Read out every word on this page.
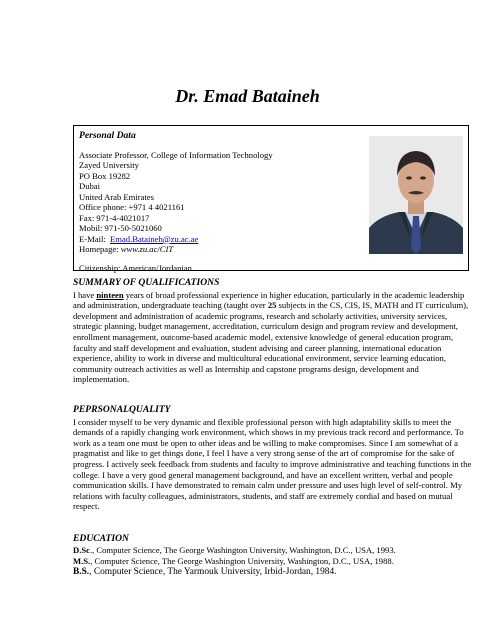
Dr. Emad Bataineh
Personal Data
Associate Professor, College of Information Technology
Zayed University
PO Box 19282
Dubai
United Arab Emirates
Office phone: +971 4 4021161
Fax: 971-4-4021017
Mobil: 971-50-5021060
E-Mail: Emad.Bataineh@zu.ac.ae
Homepage: www.zu.ac/CIT
Citizenship: American/Jordanian
SUMMARY OF QUALIFICATIONS
I have ninteen years of broad professional experience in higher education, particularly in the academic leadership and administration, undergraduate teaching (taught over 25 subjects in the CS, CIS, IS, MATH and IT curriculum), development and administration of academic programs, research and scholarly activities, university services, strategic planning, budget management, accreditation, curriculum design and program review and development, enrollment management, outcome-based academic model, extensive knowledge of general education program, faculty and staff development and evaluation, student advising and career planning, international education experience, ability to work in diverse and multicultural educational environment, service learning education, community outreach activities as well as Internship and capstone programs design, development and implementation.
PEPRSONALQUALITY
I consider myself to be very dynamic and flexible professional person with high adaptability skills to meet the demands of a rapidly changing work environment, which shows in my previous track record and performance. To work as a team one must be open to other ideas and be willing to make compromises. Since I am somewhat of a pragmatist and like to get things done, I feel I have a very strong sense of the art of compromise for the sake of progress. I actively seek feedback from students and faculty to improve administrative and teaching functions in the college. I have a very good general management background, and have an excellent written, verbal and people communication skills. I have demonstrated to remain calm under pressure and uses high level of self-control. My relations with faculty colleagues, administrators, students, and staff are extremely cordial and based on mutual respect.
EDUCATION
D.Sc., Computer Science, The George Washington University, Washington, D.C., USA, 1993.
M.S., Computer Science, The George Washington University, Washington, D.C., USA, 1988.
B.S., Computer Science, The Yarmouk University, Irbid-Jordan, 1984.
